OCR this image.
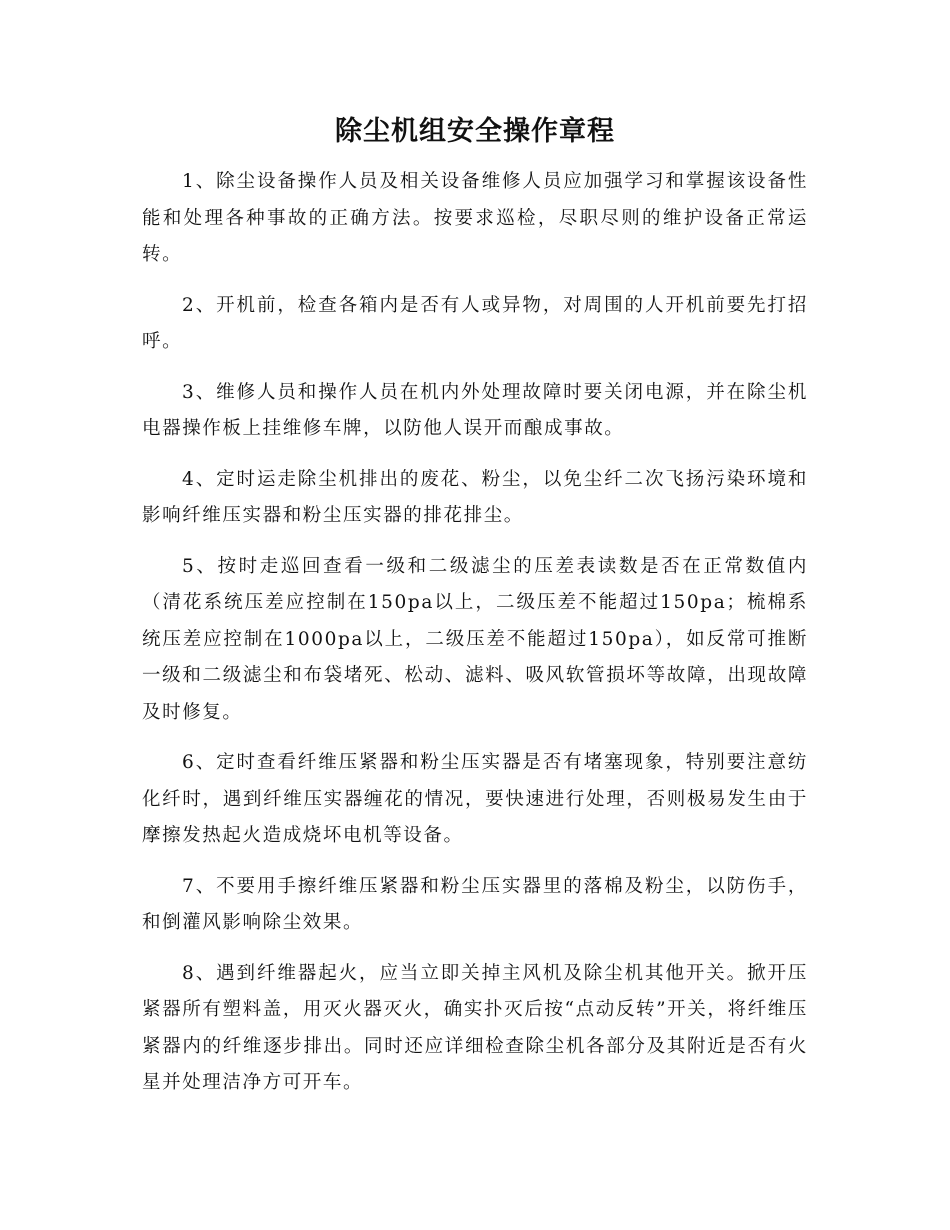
除尘机组安全操作章程

1、除尘设备操作人员及相关设备维修人员应加强学习和掌握该设备性能和处理各种事故的正确方法。按要求巡检，尽职尽则的维护设备正常运转。

2、开机前，检查各箱内是否有人或异物，对周围的人开机前要先打招呼。

3、维修人员和操作人员在机内外处理故障时要关闭电源，并在除尘机电器操作板上挂维修车牌，以防他人误开而酿成事故。

4、定时运走除尘机排出的废花、粉尘，以免尘纤二次飞扬污染环境和影响纤维压实器和粉尘压实器的排花排尘。

5、按时走巡回查看一级和二级滤尘的压差表读数是否在正常数值内（清花系统压差应控制在150pa以上，二级压差不能超过150pa；梳棉系统压差应控制在1000pa以上，二级压差不能超过150pa），如反常可推断一级和二级滤尘和布袋堵死、松动、滤料、吸风软管损坏等故障，出现故障及时修复。

6、定时查看纤维压紧器和粉尘压实器是否有堵塞现象，特别要注意纺化纤时，遇到纤维压实器缠花的情况，要快速进行处理，否则极易发生由于摩擦发热起火造成烧坏电机等设备。

7、不要用手擦纤维压紧器和粉尘压实器里的落棉及粉尘，以防伤手，和倒灌风影响除尘效果。

8、遇到纤维器起火，应当立即关掉主风机及除尘机其他开关。掀开压紧器所有塑料盖，用灭火器灭火，确实扑灭后按“点动反转”开关，将纤维压紧器内的纤维逐步排出。同时还应详细检查除尘机各部分及其附近是否有火星并处理洁净方可开车。
